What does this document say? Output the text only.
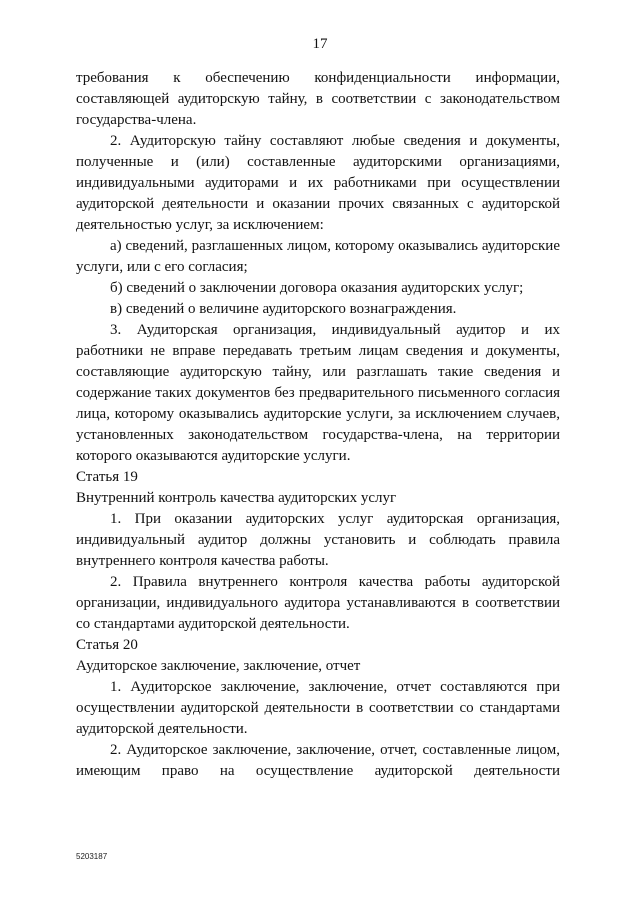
17

требования к обеспечению конфиденциальности информации, составляющей аудиторскую тайну, в соответствии с законодательством государства-члена.

2. Аудиторскую тайну составляют любые сведения и документы, полученные и (или) составленные аудиторскими организациями, индивидуальными аудиторами и их работниками при осуществлении аудиторской деятельности и оказании прочих связанных с аудиторской деятельностью услуг, за исключением:

а) сведений, разглашенных лицом, которому оказывались аудиторские услуги, или с его согласия;

б) сведений о заключении договора оказания аудиторских услуг;

в) сведений о величине аудиторского вознаграждения.

3. Аудиторская организация, индивидуальный аудитор и их работники не вправе передавать третьим лицам сведения и документы, составляющие аудиторскую тайну, или разглашать такие сведения и содержание таких документов без предварительного письменного согласия лица, которому оказывались аудиторские услуги, за исключением случаев, установленных законодательством государства-члена, на территории которого оказываются аудиторские услуги.

Статья 19

Внутренний контроль качества аудиторских услуг

1. При оказании аудиторских услуг аудиторская организация, индивидуальный аудитор должны установить и соблюдать правила внутреннего контроля качества работы.

2. Правила внутреннего контроля качества работы аудиторской организации, индивидуального аудитора устанавливаются в соответствии со стандартами аудиторской деятельности.

Статья 20

Аудиторское заключение, заключение, отчет

1. Аудиторское заключение, заключение, отчет составляются при осуществлении аудиторской деятельности в соответствии со стандартами аудиторской деятельности.

2. Аудиторское заключение, заключение, отчет, составленные лицом, имеющим право на осуществление аудиторской деятельности

5203187
